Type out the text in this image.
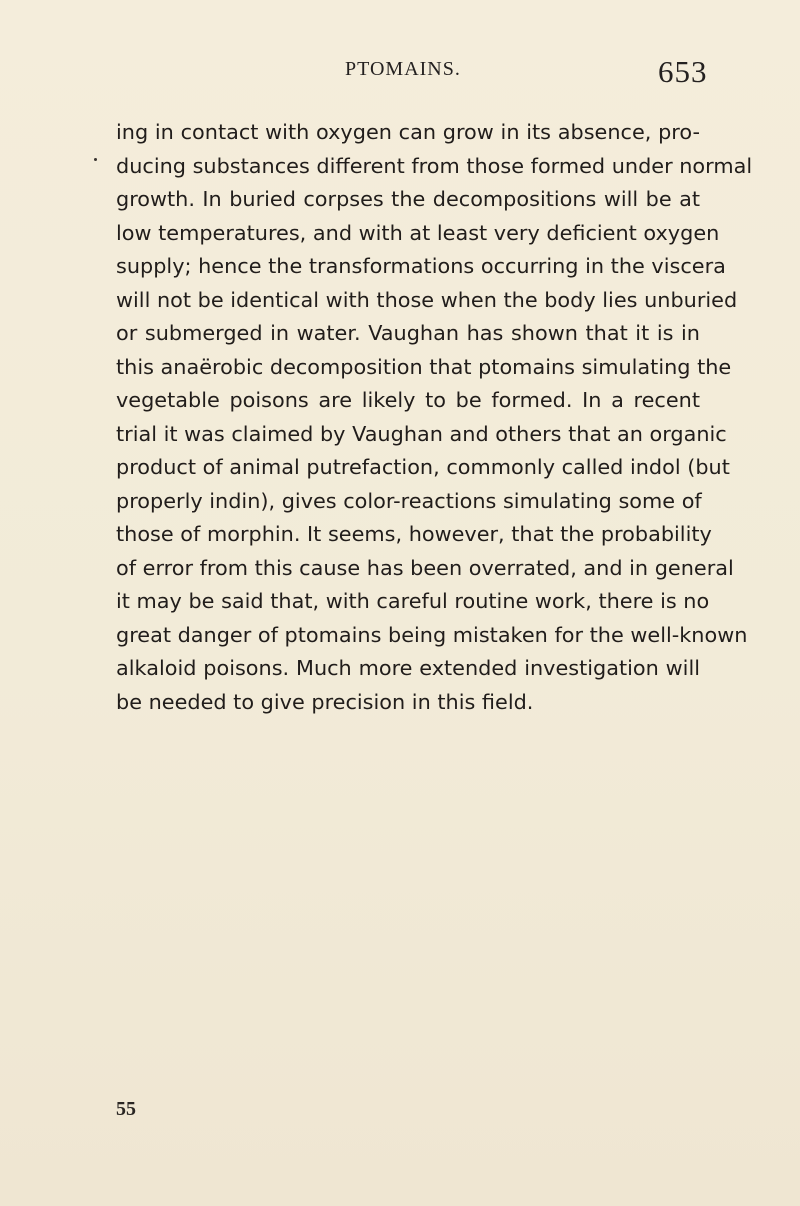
PTOMAINS.	653

ing in contact with oxygen can grow in its absence, pro-
ducing substances different from those formed under normal
growth. In buried corpses the decompositions will be at
low temperatures, and with at least very deficient oxygen
supply; hence the transformations occurring in the viscera
will not be identical with those when the body lies unburied
or submerged in water. Vaughan has shown that it is in
this anaërobic decomposition that ptomains simulating the
vegetable poisons are likely to be formed. In a recent
trial it was claimed by Vaughan and others that an organic
product of animal putrefaction, commonly called indol (but
properly indin), gives color-reactions simulating some of
those of morphin. It seems, however, that the probability
of error from this cause has been overrated, and in general
it may be said that, with careful routine work, there is no
great danger of ptomains being mistaken for the well-known
alkaloid poisons. Much more extended investigation will
be needed to give precision in this field.

55
